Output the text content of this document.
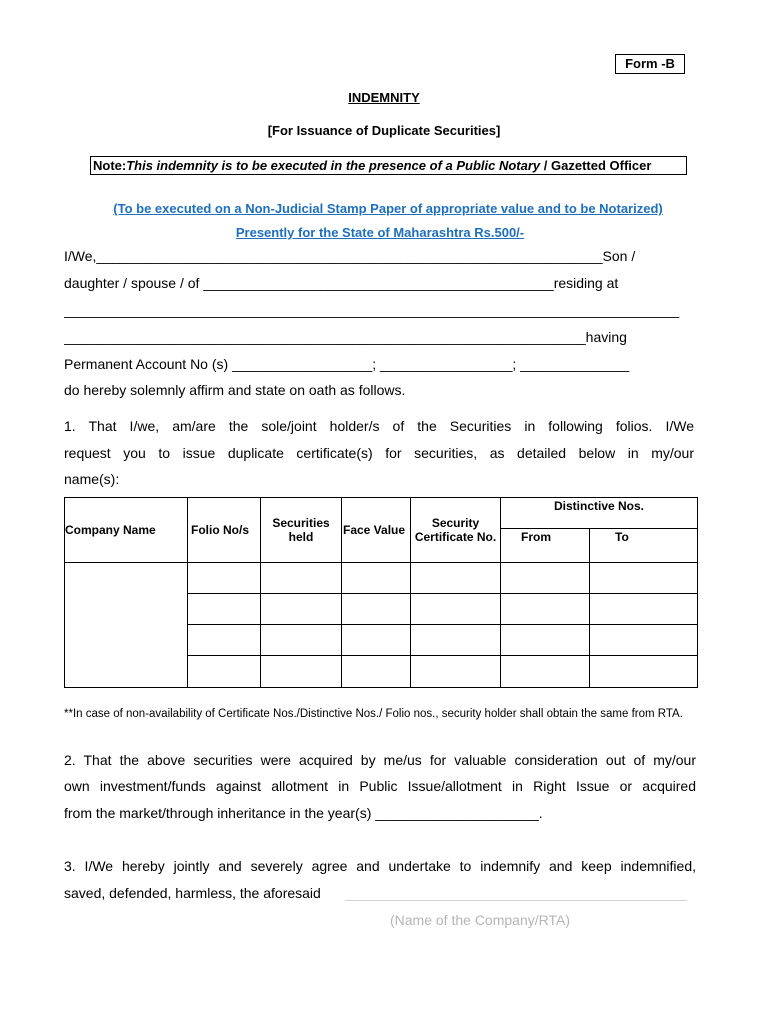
Form -B
INDEMNITY
[For Issuance of Duplicate Securities]
Note:This indemnity is to be executed in the presence of a Public Notary / Gazetted Officer
(To be executed on a Non-Judicial Stamp Paper of appropriate value and to be Notarized)
Presently for the State of Maharashtra Rs.500/-
I/We,_________________________________________________________________Son /
daughter / spouse / of _____________________________________________residing at
_______________________________________________________________________________
___________________________________________________________________having
Permanent Account No (s) __________________; _________________; ______________
do hereby solemnly affirm and state on oath as follows.
1. That I/we, am/are the sole/joint holder/s of the Securities in following folios. I/We
request you to issue duplicate certificate(s) for securities, as detailed below in my/our
name(s):
Company Name	Folio No/s	Securities held	Face Value	Security Certificate No.	Distinctive Nos.	
					From	To

**In case of non-availability of Certificate Nos./Distinctive Nos./ Folio nos., security holder shall obtain the same from RTA.
2. That the above securities were acquired by me/us for valuable consideration out of my/our
own investment/funds against allotment in Public Issue/allotment in Right Issue or acquired
from the market/through inheritance in the year(s) _____________________.
3. I/We hereby jointly and severely agree and undertake to indemnify and keep indemnified,
saved, defended, harmless, the aforesaid
(Name of the Company/RTA)
